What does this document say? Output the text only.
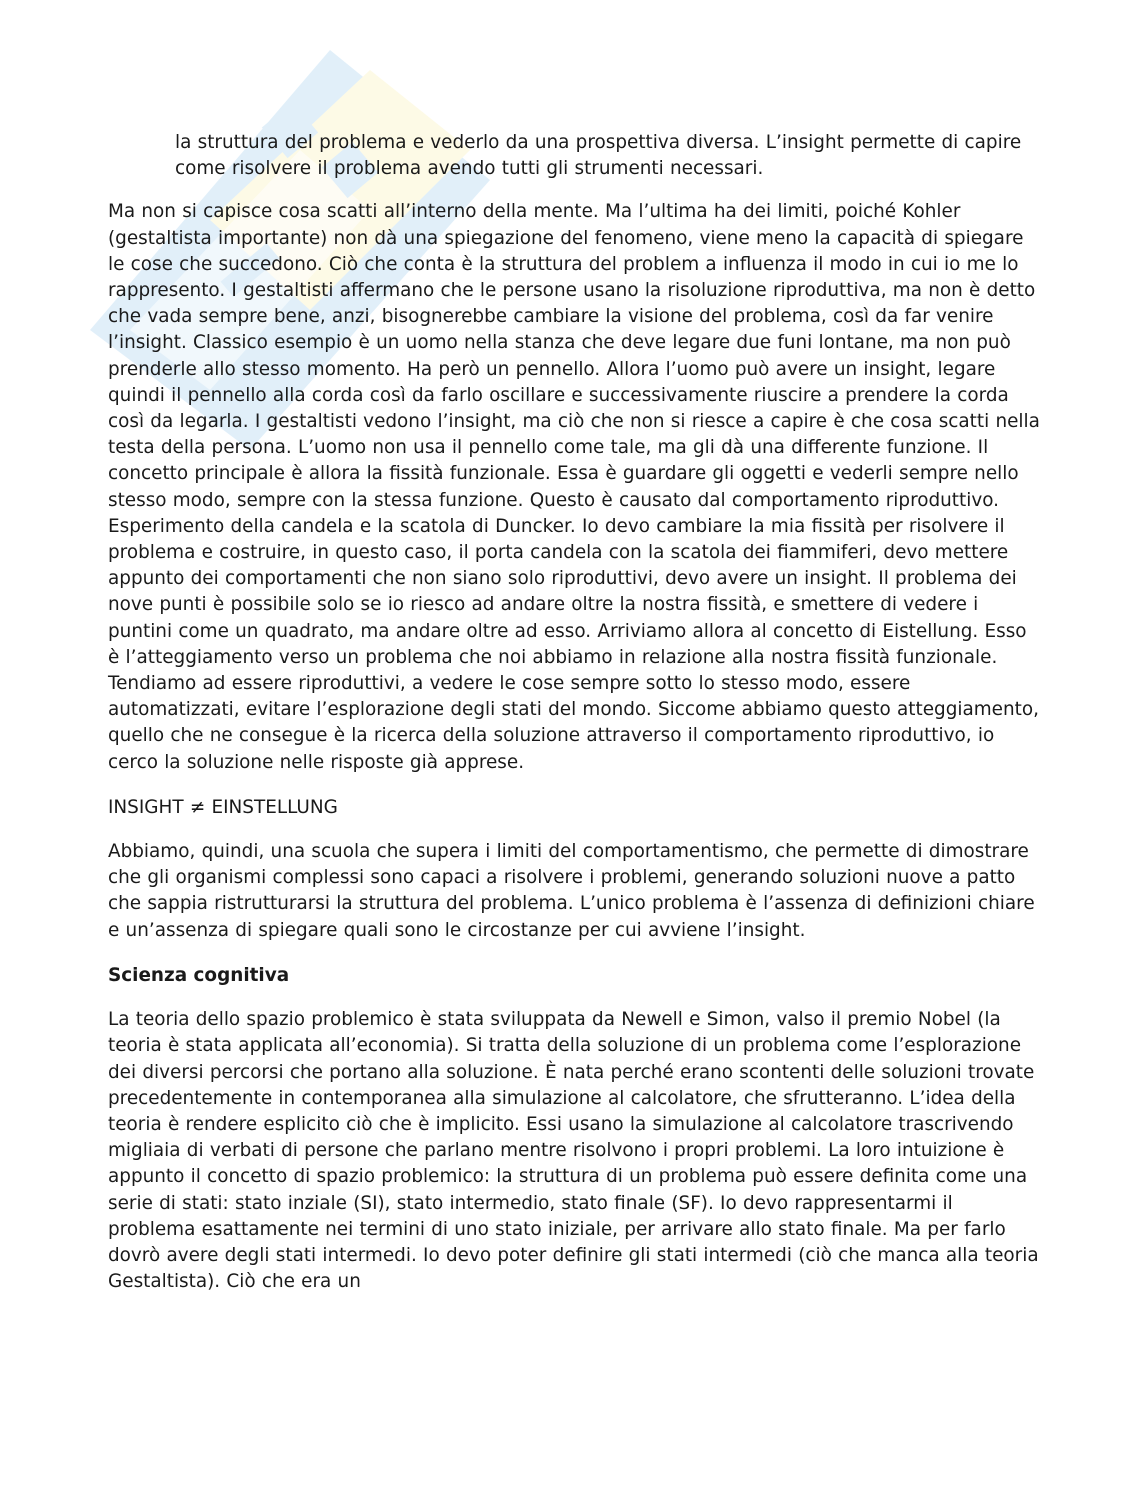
la struttura del problema e vederlo da una prospettiva diversa. L’insight permette di capire come risolvere il problema avendo tutti gli strumenti necessari.

Ma non si capisce cosa scatti all’interno della mente. Ma l’ultima ha dei limiti, poiché Kohler (gestaltista importante) non dà una spiegazione del fenomeno, viene meno la capacità di spiegare le cose che succedono. Ciò che conta è la struttura del problem a influenza il modo in cui io me lo rappresento. I gestaltisti affermano che le persone usano la risoluzione riproduttiva, ma non è detto che vada sempre bene, anzi, bisognerebbe cambiare la visione del problema, così da far venire l’insight. Classico esempio è un uomo nella stanza che deve legare due funi lontane, ma non può prenderle allo stesso momento. Ha però un pennello. Allora l’uomo può avere un insight, legare quindi il pennello alla corda così da farlo oscillare e successivamente riuscire a prendere la corda così da legarla. I gestaltisti vedono l’insight, ma ciò che non si riesce a capire è che cosa scatti nella testa della persona. L’uomo non usa il pennello come tale, ma gli dà una differente funzione. Il concetto principale è allora la fissità funzionale. Essa è guardare gli oggetti e vederli sempre nello stesso modo, sempre con la stessa funzione. Questo è causato dal comportamento riproduttivo. Esperimento della candela e la scatola di Duncker. Io devo cambiare la mia fissità per risolvere il problema e costruire, in questo caso, il porta candela con la scatola dei fiammiferi, devo mettere appunto dei comportamenti che non siano solo riproduttivi, devo avere un insight. Il problema dei nove punti è possibile solo se io riesco ad andare oltre la nostra fissità, e smettere di vedere i puntini come un quadrato, ma andare oltre ad esso. Arriviamo allora al concetto di Eistellung. Esso è l’atteggiamento verso un problema che noi abbiamo in relazione alla nostra fissità funzionale. Tendiamo ad essere riproduttivi, a vedere le cose sempre sotto lo stesso modo, essere automatizzati, evitare l’esplorazione degli stati del mondo. Siccome abbiamo questo atteggiamento, quello che ne consegue è la ricerca della soluzione attraverso il comportamento riproduttivo, io cerco la soluzione nelle risposte già apprese.

INSIGHT ≠ EINSTELLUNG

Abbiamo, quindi, una scuola che supera i limiti del comportamentismo, che permette di dimostrare che gli organismi complessi sono capaci a risolvere i problemi, generando soluzioni nuove a patto che sappia ristrutturarsi la struttura del problema. L’unico problema è l’assenza di definizioni chiare e un’assenza di spiegare quali sono le circostanze per cui avviene l’insight.

Scienza cognitiva

La teoria dello spazio problemico è stata sviluppata da Newell e Simon, valso il premio Nobel (la teoria è stata applicata all’economia). Si tratta della soluzione di un problema come l’esplorazione dei diversi percorsi che portano alla soluzione. È nata perché erano scontenti delle soluzioni trovate precedentemente in contemporanea alla simulazione al calcolatore, che sfrutteranno. L’idea della teoria è rendere esplicito ciò che è implicito. Essi usano la simulazione al calcolatore trascrivendo migliaia di verbati di persone che parlano mentre risolvono i propri problemi. La loro intuizione è appunto il concetto di spazio problemico: la struttura di un problema può essere definita come una serie di stati: stato inziale (SI), stato intermedio, stato finale (SF). Io devo rappresentarmi il problema esattamente nei termini di uno stato iniziale, per arrivare allo stato finale. Ma per farlo dovrò avere degli stati intermedi. Io devo poter definire gli stati intermedi (ciò che manca alla teoria Gestaltista). Ciò che era un
